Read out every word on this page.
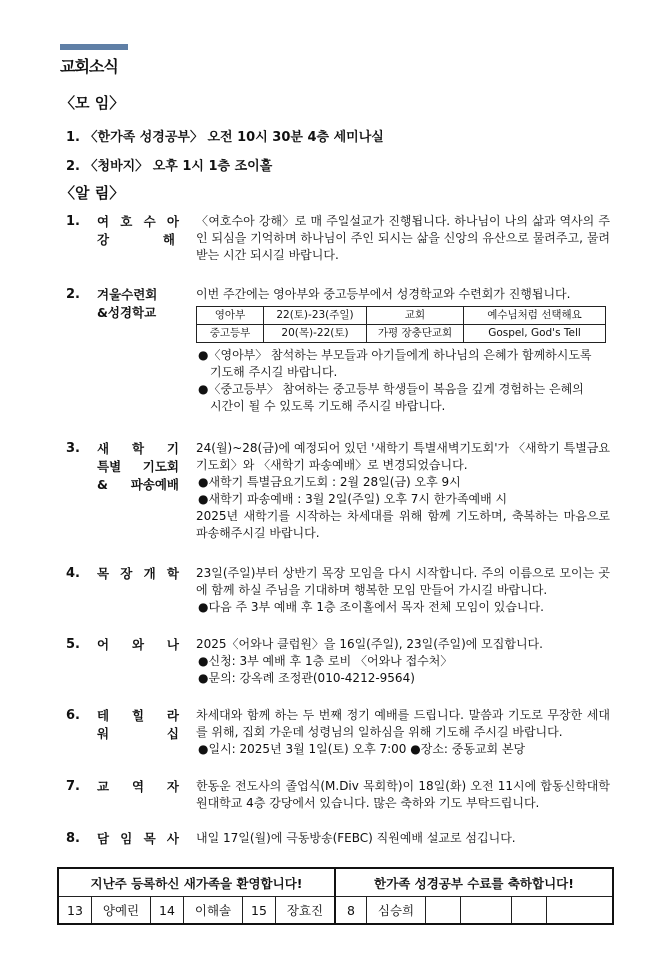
교회소식
〈모 임〉
1. 〈한가족 성경공부〉 오전 10시 30분 4층 세미나실
2. 〈청바지〉 오후 1시 1층 조이홀
〈알 림〉
1. 여 호 수 아
강 해

〈여호수아 강해〉로 매 주일설교가 진행됩니다. 하나님이 나의 삶과 역사의 주인 되심을 기억하며 하나님이 주인 되시는 삶을 신앙의 유산으로 물려주고, 물려받는 시간 되시길 바랍니다.

2. 겨울수련회
&성경학교

이번 주간에는 영아부와 중고등부에서 성경학교와 수련회가 진행됩니다.

영아부	22(토)-23(주일)	교회	예수님처럼 선택해요
중고등부	20(목)-22(토)	가평 장충단교회	Gospel, God's Tell

●〈영아부〉 참석하는 부모들과 아기들에게 하나님의 은혜가 함께하시도록

기도해 주시길 바랍니다.

●〈중고등부〉 참여하는 중고등부 학생들이 복음을 깊게 경험하는 은혜의

시간이 될 수 있도록 기도해 주시길 바랍니다.

3. 새 학 기
특별 기도회
& 파송예배

24(월)~28(금)에 예정되어 있던 '새학기 특별새벽기도회'가 〈새학기 특별금요기도회〉와 〈새학기 파송예배〉로 변경되었습니다.

●새학기 특별금요기도회 : 2월 28일(금) 오후 9시

●새학기 파송예배 : 3월 2일(주일) 오후 7시 한가족예배 시

2025년 새학기를 시작하는 차세대를 위해 함께 기도하며, 축복하는 마음으로 파송해주시길 바랍니다.

4. 목 장 개 학 23일(주일)부터 상반기 목장 모임을 다시 시작합니다. 주의 이름으로 모이는 곳에 함께 하실 주님을 기대하며 행복한 모임 만들어 가시길 바랍니다.

●다음 주 3부 예배 후 1층 조이홀에서 목자 전체 모임이 있습니다.

5. 어 와 나 2025〈어와나 클럽원〉을 16일(주일), 23일(주일)에 모집합니다.

●신청: 3부 예배 후 1층 로비 〈어와나 접수처〉

●문의: 강옥례 조정관(010-4212-9564)

6. 테 힐 라
워 십

차세대와 함께 하는 두 번째 정기 예배를 드립니다. 말씀과 기도로 무장한 세대를 위해, 집회 가운데 성령님의 일하심을 위해 기도해 주시길 바랍니다.

●일시: 2025년 3월 1일(토) 오후 7:00 ●장소: 중동교회 본당

7. 교 역 자 한동운 전도사의 졸업식(M.Div 목회학)이 18일(화) 오전 11시에 합동신학대학원대학교 4층 강당에서 있습니다. 많은 축하와 기도 부탁드립니다.

8. 담 임 목 사 내일 17일(월)에 극동방송(FEBC) 직원예배 설교로 섬깁니다.

지난주 등록하신 새가족을 환영합니다!						한가족 성경공부 수료를 축하합니다!					
13	양예린	14	이해솔	15	장효진	8	심승희				
